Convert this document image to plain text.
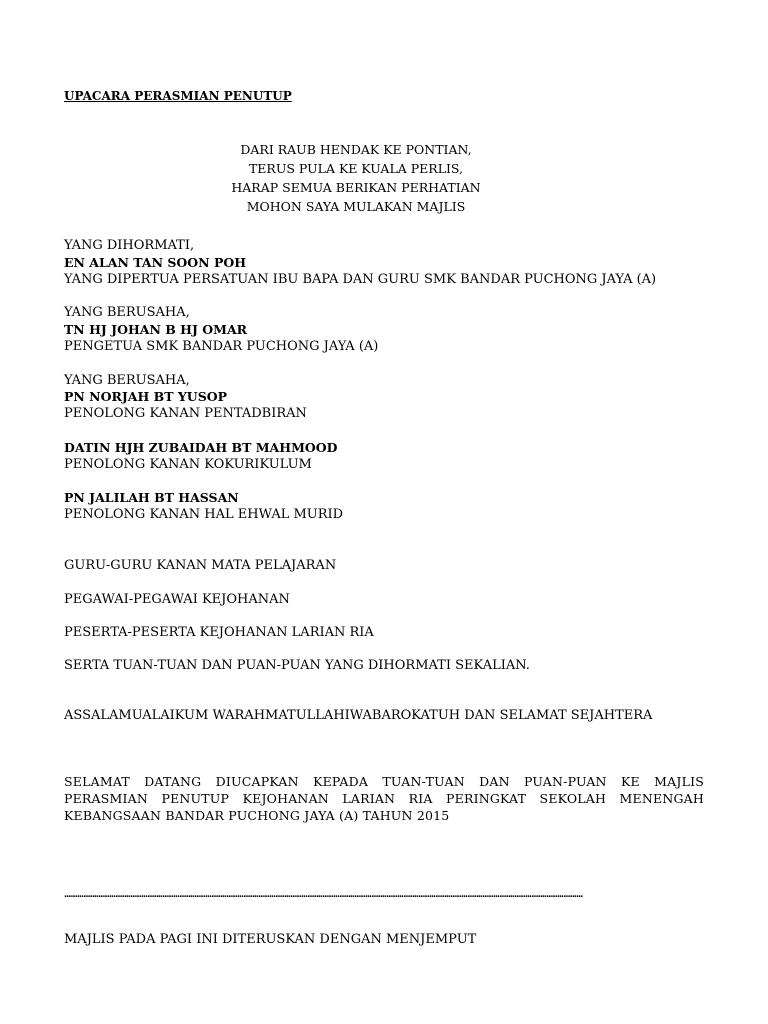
UPACARA PERASMIAN PENUTUP
DARI RAUB HENDAK KE PONTIAN,
TERUS PULA KE KUALA PERLIS,
HARAP SEMUA BERIKAN PERHATIAN
MOHON SAYA MULAKAN MAJLIS
YANG DIHORMATI,
EN ALAN TAN SOON POH
YANG DIPERTUA PERSATUAN IBU BAPA DAN GURU SMK BANDAR PUCHONG JAYA (A)
YANG BERUSAHA,
TN HJ JOHAN B HJ OMAR
PENGETUA SMK BANDAR PUCHONG JAYA (A)
YANG BERUSAHA,
PN NORJAH BT YUSOP
PENOLONG KANAN PENTADBIRAN
DATIN HJH ZUBAIDAH BT MAHMOOD
PENOLONG KANAN KOKURIKULUM
PN JALILAH BT HASSAN
PENOLONG KANAN HAL EHWAL MURID
GURU-GURU KANAN MATA PELAJARAN
PEGAWAI-PEGAWAI KEJOHANAN
PESERTA-PESERTA KEJOHANAN LARIAN RIA
SERTA TUAN-TUAN DAN PUAN-PUAN YANG DIHORMATI SEKALIAN.
ASSALAMUALAIKUM WARAHMATULLAHIWABAROKATUH DAN SELAMAT SEJAHTERA
SELAMAT DATANG DIUCAPKAN KEPADA TUAN-TUAN DAN PUAN-PUAN KE MAJLIS PERASMIAN PENUTUP KEJOHANAN LARIAN RIA PERINGKAT SEKOLAH MENENGAH KEBANGSAAN BANDAR PUCHONG JAYA (A) TAHUN 2015
...................................................................................................................................................................................................................................................
MAJLIS PADA PAGI INI DITERUSKAN DENGAN MENJEMPUT
